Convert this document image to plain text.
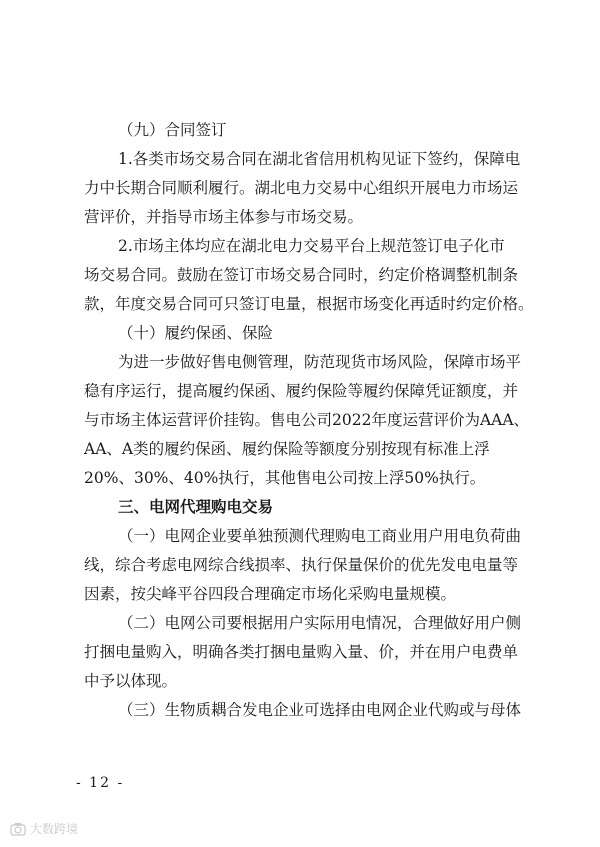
（九）合同签订
1.各类市场交易合同在湖北省信用机构见证下签约，保障电
力中长期合同顺利履行。湖北电力交易中心组织开展电力市场运
营评价，并指导市场主体参与市场交易。
2.市场主体均应在湖北电力交易平台上规范签订电子化市
场交易合同。鼓励在签订市场交易合同时，约定价格调整机制条
款，年度交易合同可只签订电量，根据市场变化再适时约定价格。
（十）履约保函、保险
为进一步做好售电侧管理，防范现货市场风险，保障市场平
稳有序运行，提高履约保函、履约保险等履约保障凭证额度，并
与市场主体运营评价挂钩。售电公司2022年度运营评价为AAA、
AA、A类的履约保函、履约保险等额度分别按现有标准上浮
20%、30%、40%执行，其他售电公司按上浮50%执行。
三、电网代理购电交易
（一）电网企业要单独预测代理购电工商业用户用电负荷曲
线，综合考虑电网综合线损率、执行保量保价的优先发电电量等
因素，按尖峰平谷四段合理确定市场化采购电量规模。
（二）电网公司要根据用户实际用电情况，合理做好用户侧
打捆电量购入，明确各类打捆电量购入量、价，并在用户电费单
中予以体现。
（三）生物质耦合发电企业可选择由电网企业代购或与母体
- 12 -
大数跨境
